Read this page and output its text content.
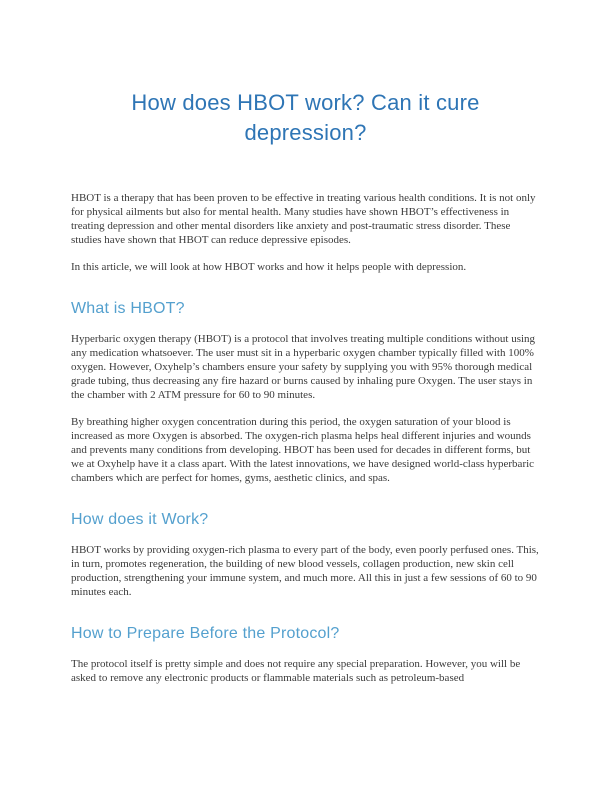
How does HBOT work? Can it cure depression?

HBOT is a therapy that has been proven to be effective in treating various health conditions. It is not only for physical ailments but also for mental health. Many studies have shown HBOT’s effectiveness in treating depression and other mental disorders like anxiety and post-traumatic stress disorder. These studies have shown that HBOT can reduce depressive episodes.

In this article, we will look at how HBOT works and how it helps people with depression.

What is HBOT?

Hyperbaric oxygen therapy (HBOT) is a protocol that involves treating multiple conditions without using any medication whatsoever. The user must sit in a hyperbaric oxygen chamber typically filled with 100% oxygen. However, Oxyhelp’s chambers ensure your safety by supplying you with 95% thorough medical grade tubing, thus decreasing any fire hazard or burns caused by inhaling pure Oxygen. The user stays in the chamber with 2 ATM pressure for 60 to 90 minutes.

By breathing higher oxygen concentration during this period, the oxygen saturation of your blood is increased as more Oxygen is absorbed. The oxygen-rich plasma helps heal different injuries and wounds and prevents many conditions from developing. HBOT has been used for decades in different forms, but we at Oxyhelp have it a class apart. With the latest innovations, we have designed world-class hyperbaric chambers which are perfect for homes, gyms, aesthetic clinics, and spas.

How does it Work?

HBOT works by providing oxygen-rich plasma to every part of the body, even poorly perfused ones. This, in turn, promotes regeneration, the building of new blood vessels, collagen production, new skin cell production, strengthening your immune system, and much more. All this in just a few sessions of 60 to 90 minutes each.

How to Prepare Before the Protocol?

The protocol itself is pretty simple and does not require any special preparation. However, you will be asked to remove any electronic products or flammable materials such as petroleum-based
